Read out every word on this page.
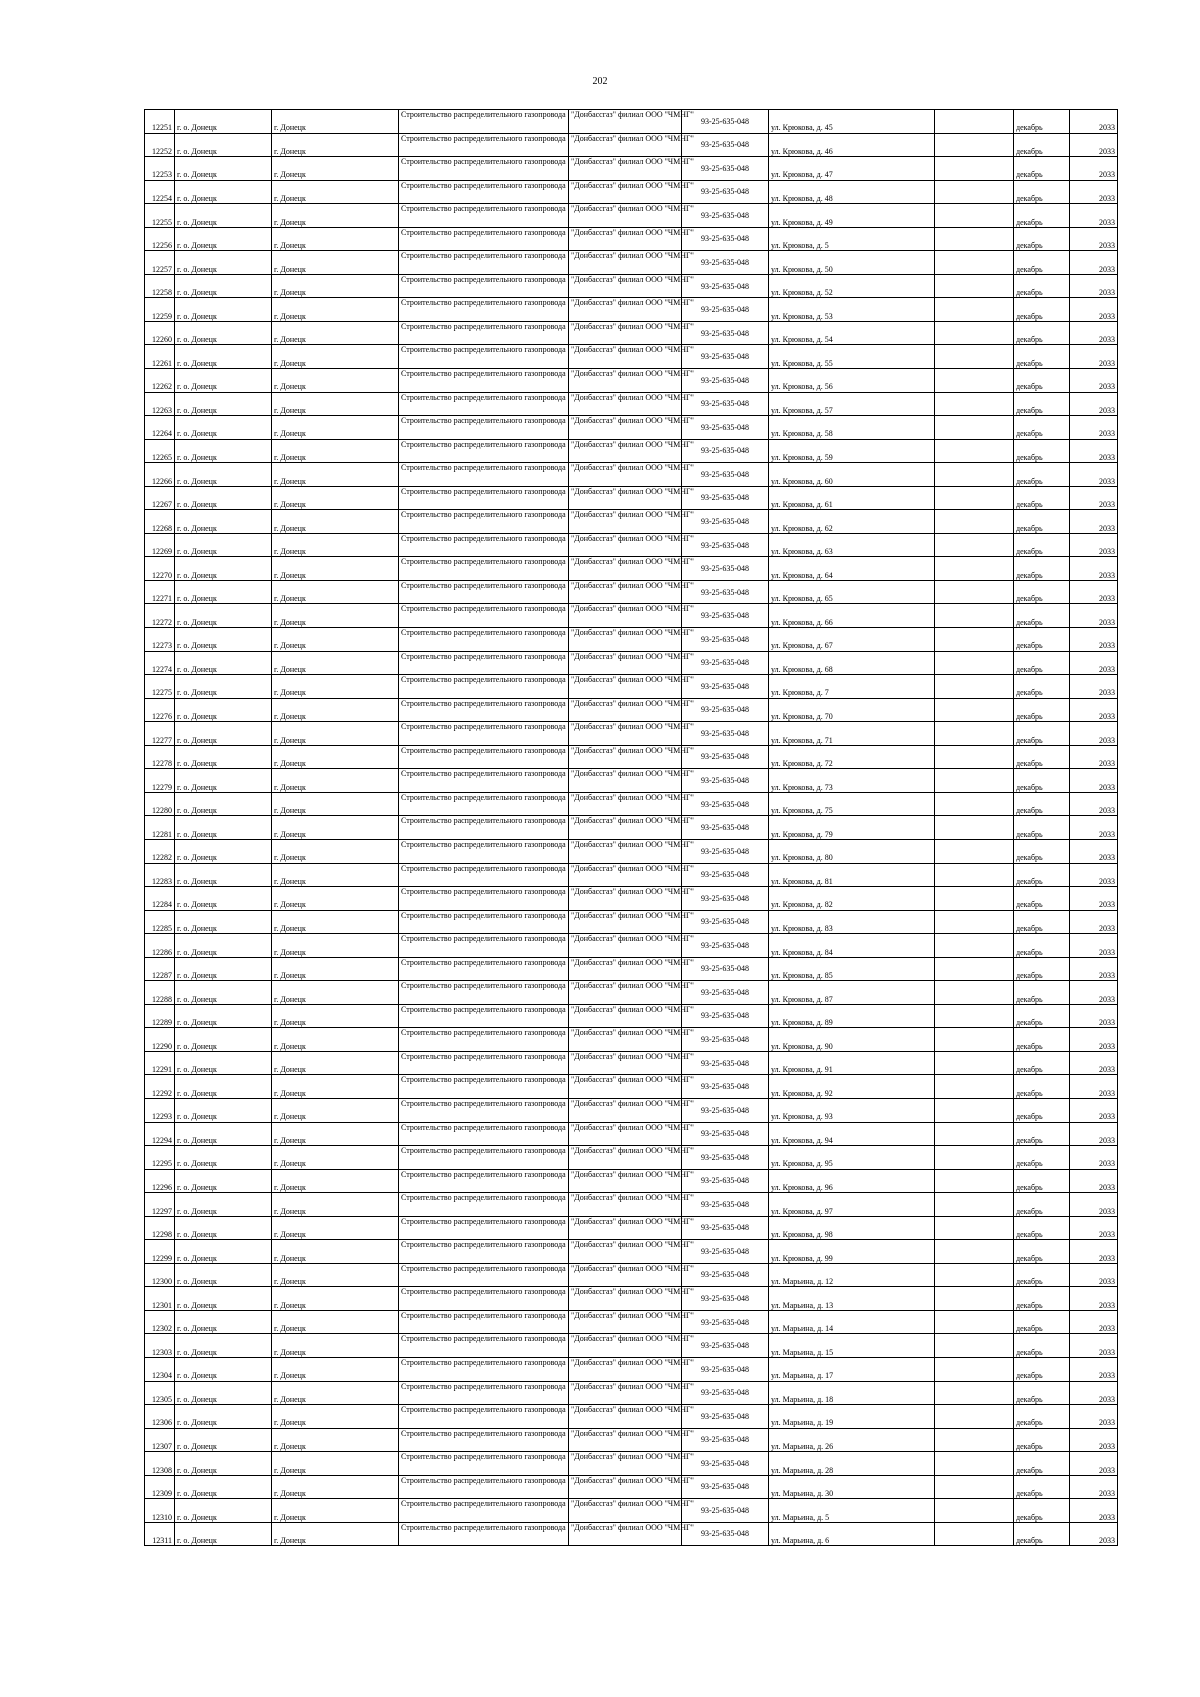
202
12251	г. о. Донецк	г. Донецк	Строительство распределительного газопровода	"Донбассгаз" филиал ООО "ЧМНГ"	93-25-635-048	ул. Крюкова, д. 45		декабрь	2033
12252	г. о. Донецк	г. Донецк	Строительство распределительного газопровода	"Донбассгаз" филиал ООО "ЧМНГ"	93-25-635-048	ул. Крюкова, д. 46		декабрь	2033
12253	г. о. Донецк	г. Донецк	Строительство распределительного газопровода	"Донбассгаз" филиал ООО "ЧМНГ"	93-25-635-048	ул. Крюкова, д. 47		декабрь	2033
12254	г. о. Донецк	г. Донецк	Строительство распределительного газопровода	"Донбассгаз" филиал ООО "ЧМНГ"	93-25-635-048	ул. Крюкова, д. 48		декабрь	2033
12255	г. о. Донецк	г. Донецк	Строительство распределительного газопровода	"Донбассгаз" филиал ООО "ЧМНГ"	93-25-635-048	ул. Крюкова, д. 49		декабрь	2033
12256	г. о. Донецк	г. Донецк	Строительство распределительного газопровода	"Донбассгаз" филиал ООО "ЧМНГ"	93-25-635-048	ул. Крюкова, д. 5		декабрь	2033
12257	г. о. Донецк	г. Донецк	Строительство распределительного газопровода	"Донбассгаз" филиал ООО "ЧМНГ"	93-25-635-048	ул. Крюкова, д. 50		декабрь	2033
12258	г. о. Донецк	г. Донецк	Строительство распределительного газопровода	"Донбассгаз" филиал ООО "ЧМНГ"	93-25-635-048	ул. Крюкова, д. 52		декабрь	2033
12259	г. о. Донецк	г. Донецк	Строительство распределительного газопровода	"Донбассгаз" филиал ООО "ЧМНГ"	93-25-635-048	ул. Крюкова, д. 53		декабрь	2033
12260	г. о. Донецк	г. Донецк	Строительство распределительного газопровода	"Донбассгаз" филиал ООО "ЧМНГ"	93-25-635-048	ул. Крюкова, д. 54		декабрь	2033
12261	г. о. Донецк	г. Донецк	Строительство распределительного газопровода	"Донбассгаз" филиал ООО "ЧМНГ"	93-25-635-048	ул. Крюкова, д. 55		декабрь	2033
12262	г. о. Донецк	г. Донецк	Строительство распределительного газопровода	"Донбассгаз" филиал ООО "ЧМНГ"	93-25-635-048	ул. Крюкова, д. 56		декабрь	2033
12263	г. о. Донецк	г. Донецк	Строительство распределительного газопровода	"Донбассгаз" филиал ООО "ЧМНГ"	93-25-635-048	ул. Крюкова, д. 57		декабрь	2033
12264	г. о. Донецк	г. Донецк	Строительство распределительного газопровода	"Донбассгаз" филиал ООО "ЧМНГ"	93-25-635-048	ул. Крюкова, д. 58		декабрь	2033
12265	г. о. Донецк	г. Донецк	Строительство распределительного газопровода	"Донбассгаз" филиал ООО "ЧМНГ"	93-25-635-048	ул. Крюкова, д. 59		декабрь	2033
12266	г. о. Донецк	г. Донецк	Строительство распределительного газопровода	"Донбассгаз" филиал ООО "ЧМНГ"	93-25-635-048	ул. Крюкова, д. 60		декабрь	2033
12267	г. о. Донецк	г. Донецк	Строительство распределительного газопровода	"Донбассгаз" филиал ООО "ЧМНГ"	93-25-635-048	ул. Крюкова, д. 61		декабрь	2033
12268	г. о. Донецк	г. Донецк	Строительство распределительного газопровода	"Донбассгаз" филиал ООО "ЧМНГ"	93-25-635-048	ул. Крюкова, д. 62		декабрь	2033
12269	г. о. Донецк	г. Донецк	Строительство распределительного газопровода	"Донбассгаз" филиал ООО "ЧМНГ"	93-25-635-048	ул. Крюкова, д. 63		декабрь	2033
12270	г. о. Донецк	г. Донецк	Строительство распределительного газопровода	"Донбассгаз" филиал ООО "ЧМНГ"	93-25-635-048	ул. Крюкова, д. 64		декабрь	2033
12271	г. о. Донецк	г. Донецк	Строительство распределительного газопровода	"Донбассгаз" филиал ООО "ЧМНГ"	93-25-635-048	ул. Крюкова, д. 65		декабрь	2033
12272	г. о. Донецк	г. Донецк	Строительство распределительного газопровода	"Донбассгаз" филиал ООО "ЧМНГ"	93-25-635-048	ул. Крюкова, д. 66		декабрь	2033
12273	г. о. Донецк	г. Донецк	Строительство распределительного газопровода	"Донбассгаз" филиал ООО "ЧМНГ"	93-25-635-048	ул. Крюкова, д. 67		декабрь	2033
12274	г. о. Донецк	г. Донецк	Строительство распределительного газопровода	"Донбассгаз" филиал ООО "ЧМНГ"	93-25-635-048	ул. Крюкова, д. 68		декабрь	2033
12275	г. о. Донецк	г. Донецк	Строительство распределительного газопровода	"Донбассгаз" филиал ООО "ЧМНГ"	93-25-635-048	ул. Крюкова, д. 7		декабрь	2033
12276	г. о. Донецк	г. Донецк	Строительство распределительного газопровода	"Донбассгаз" филиал ООО "ЧМНГ"	93-25-635-048	ул. Крюкова, д. 70		декабрь	2033
12277	г. о. Донецк	г. Донецк	Строительство распределительного газопровода	"Донбассгаз" филиал ООО "ЧМНГ"	93-25-635-048	ул. Крюкова, д. 71		декабрь	2033
12278	г. о. Донецк	г. Донецк	Строительство распределительного газопровода	"Донбассгаз" филиал ООО "ЧМНГ"	93-25-635-048	ул. Крюкова, д. 72		декабрь	2033
12279	г. о. Донецк	г. Донецк	Строительство распределительного газопровода	"Донбассгаз" филиал ООО "ЧМНГ"	93-25-635-048	ул. Крюкова, д. 73		декабрь	2033
12280	г. о. Донецк	г. Донецк	Строительство распределительного газопровода	"Донбассгаз" филиал ООО "ЧМНГ"	93-25-635-048	ул. Крюкова, д. 75		декабрь	2033
12281	г. о. Донецк	г. Донецк	Строительство распределительного газопровода	"Донбассгаз" филиал ООО "ЧМНГ"	93-25-635-048	ул. Крюкова, д. 79		декабрь	2033
12282	г. о. Донецк	г. Донецк	Строительство распределительного газопровода	"Донбассгаз" филиал ООО "ЧМНГ"	93-25-635-048	ул. Крюкова, д. 80		декабрь	2033
12283	г. о. Донецк	г. Донецк	Строительство распределительного газопровода	"Донбассгаз" филиал ООО "ЧМНГ"	93-25-635-048	ул. Крюкова, д. 81		декабрь	2033
12284	г. о. Донецк	г. Донецк	Строительство распределительного газопровода	"Донбассгаз" филиал ООО "ЧМНГ"	93-25-635-048	ул. Крюкова, д. 82		декабрь	2033
12285	г. о. Донецк	г. Донецк	Строительство распределительного газопровода	"Донбассгаз" филиал ООО "ЧМНГ"	93-25-635-048	ул. Крюкова, д. 83		декабрь	2033
12286	г. о. Донецк	г. Донецк	Строительство распределительного газопровода	"Донбассгаз" филиал ООО "ЧМНГ"	93-25-635-048	ул. Крюкова, д. 84		декабрь	2033
12287	г. о. Донецк	г. Донецк	Строительство распределительного газопровода	"Донбассгаз" филиал ООО "ЧМНГ"	93-25-635-048	ул. Крюкова, д. 85		декабрь	2033
12288	г. о. Донецк	г. Донецк	Строительство распределительного газопровода	"Донбассгаз" филиал ООО "ЧМНГ"	93-25-635-048	ул. Крюкова, д. 87		декабрь	2033
12289	г. о. Донецк	г. Донецк	Строительство распределительного газопровода	"Донбассгаз" филиал ООО "ЧМНГ"	93-25-635-048	ул. Крюкова, д. 89		декабрь	2033
12290	г. о. Донецк	г. Донецк	Строительство распределительного газопровода	"Донбассгаз" филиал ООО "ЧМНГ"	93-25-635-048	ул. Крюкова, д. 90		декабрь	2033
12291	г. о. Донецк	г. Донецк	Строительство распределительного газопровода	"Донбассгаз" филиал ООО "ЧМНГ"	93-25-635-048	ул. Крюкова, д. 91		декабрь	2033
12292	г. о. Донецк	г. Донецк	Строительство распределительного газопровода	"Донбассгаз" филиал ООО "ЧМНГ"	93-25-635-048	ул. Крюкова, д. 92		декабрь	2033
12293	г. о. Донецк	г. Донецк	Строительство распределительного газопровода	"Донбассгаз" филиал ООО "ЧМНГ"	93-25-635-048	ул. Крюкова, д. 93		декабрь	2033
12294	г. о. Донецк	г. Донецк	Строительство распределительного газопровода	"Донбассгаз" филиал ООО "ЧМНГ"	93-25-635-048	ул. Крюкова, д. 94		декабрь	2033
12295	г. о. Донецк	г. Донецк	Строительство распределительного газопровода	"Донбассгаз" филиал ООО "ЧМНГ"	93-25-635-048	ул. Крюкова, д. 95		декабрь	2033
12296	г. о. Донецк	г. Донецк	Строительство распределительного газопровода	"Донбассгаз" филиал ООО "ЧМНГ"	93-25-635-048	ул. Крюкова, д. 96		декабрь	2033
12297	г. о. Донецк	г. Донецк	Строительство распределительного газопровода	"Донбассгаз" филиал ООО "ЧМНГ"	93-25-635-048	ул. Крюкова, д. 97		декабрь	2033
12298	г. о. Донецк	г. Донецк	Строительство распределительного газопровода	"Донбассгаз" филиал ООО "ЧМНГ"	93-25-635-048	ул. Крюкова, д. 98		декабрь	2033
12299	г. о. Донецк	г. Донецк	Строительство распределительного газопровода	"Донбассгаз" филиал ООО "ЧМНГ"	93-25-635-048	ул. Крюкова, д. 99		декабрь	2033
12300	г. о. Донецк	г. Донецк	Строительство распределительного газопровода	"Донбассгаз" филиал ООО "ЧМНГ"	93-25-635-048	ул. Марьина, д. 12		декабрь	2033
12301	г. о. Донецк	г. Донецк	Строительство распределительного газопровода	"Донбассгаз" филиал ООО "ЧМНГ"	93-25-635-048	ул. Марьина, д. 13		декабрь	2033
12302	г. о. Донецк	г. Донецк	Строительство распределительного газопровода	"Донбассгаз" филиал ООО "ЧМНГ"	93-25-635-048	ул. Марьина, д. 14		декабрь	2033
12303	г. о. Донецк	г. Донецк	Строительство распределительного газопровода	"Донбассгаз" филиал ООО "ЧМНГ"	93-25-635-048	ул. Марьина, д. 15		декабрь	2033
12304	г. о. Донецк	г. Донецк	Строительство распределительного газопровода	"Донбассгаз" филиал ООО "ЧМНГ"	93-25-635-048	ул. Марьина, д. 17		декабрь	2033
12305	г. о. Донецк	г. Донецк	Строительство распределительного газопровода	"Донбассгаз" филиал ООО "ЧМНГ"	93-25-635-048	ул. Марьина, д. 18		декабрь	2033
12306	г. о. Донецк	г. Донецк	Строительство распределительного газопровода	"Донбассгаз" филиал ООО "ЧМНГ"	93-25-635-048	ул. Марьина, д. 19		декабрь	2033
12307	г. о. Донецк	г. Донецк	Строительство распределительного газопровода	"Донбассгаз" филиал ООО "ЧМНГ"	93-25-635-048	ул. Марьина, д. 26		декабрь	2033
12308	г. о. Донецк	г. Донецк	Строительство распределительного газопровода	"Донбассгаз" филиал ООО "ЧМНГ"	93-25-635-048	ул. Марьина, д. 28		декабрь	2033
12309	г. о. Донецк	г. Донецк	Строительство распределительного газопровода	"Донбассгаз" филиал ООО "ЧМНГ"	93-25-635-048	ул. Марьина, д. 30		декабрь	2033
12310	г. о. Донецк	г. Донецк	Строительство распределительного газопровода	"Донбассгаз" филиал ООО "ЧМНГ"	93-25-635-048	ул. Марьина, д. 5		декабрь	2033
12311	г. о. Донецк	г. Донецк	Строительство распределительного газопровода	"Донбассгаз" филиал ООО "ЧМНГ"	93-25-635-048	ул. Марьина, д. 6		декабрь	2033
